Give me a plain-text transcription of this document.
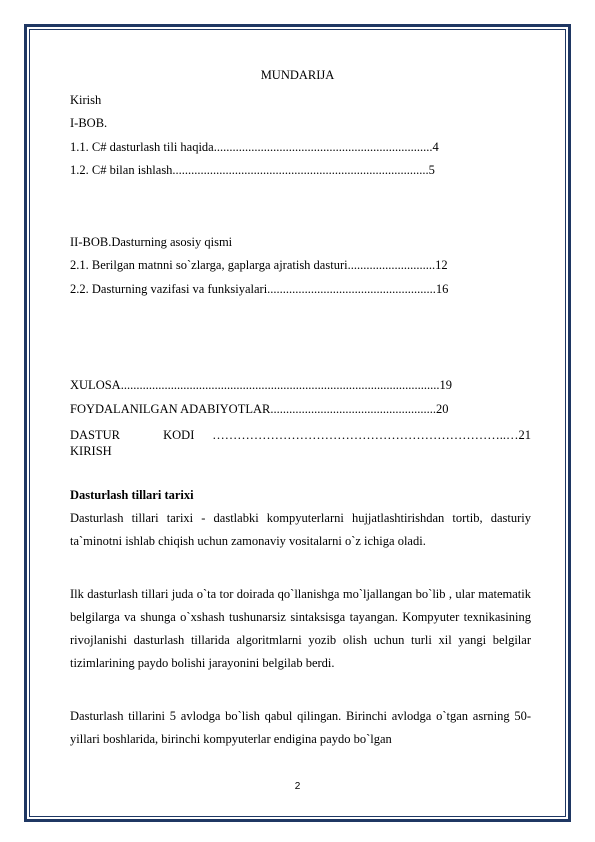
MUNDARIJA
Kirish
I-BOB.
1.1. C# dasturlash tili haqida......................................................................4
1.2. C# bilan ishlash..................................................................................5
II-BOB.Dasturning asosiy qismi
2.1. Berilgan matnni so`zlarga, gaplarga ajratish dasturi............................12
2.2. Dasturning vazifasi va funksiyalari......................................................16
XULOSA......................................................................................................19
FOYDALANILGAN ADABIYOTLAR.....................................................20
DASTUR KODI ……………………………………………………………..…21
KIRISH
Dasturlash tillari tarixi
Dasturlash tillari tarixi - dastlabki kompyuterlarni hujjatlashtirishdan tortib, dasturiy ta`minotni ishlab chiqish uchun zamonaviy vositalarni o`z ichiga oladi.
Ilk dasturlash tillari juda o`ta tor doirada qo`llanishga mo`ljallangan bo`lib , ular matematik belgilarga va shunga o`xshash tushunarsiz sintaksisga tayangan. Kompyuter texnikasining rivojlanishi dasturlash tillarida algoritmlarni yozib olish uchun turli xil yangi belgilar tizimlarining paydo bolishi jarayonini belgilab berdi.
Dasturlash tillarini 5 avlodga bo`lish qabul qilingan. Birinchi avlodga o`tgan asrning 50- yillari boshlarida, birinchi kompyuterlar endigina paydo bo`lgan
2
